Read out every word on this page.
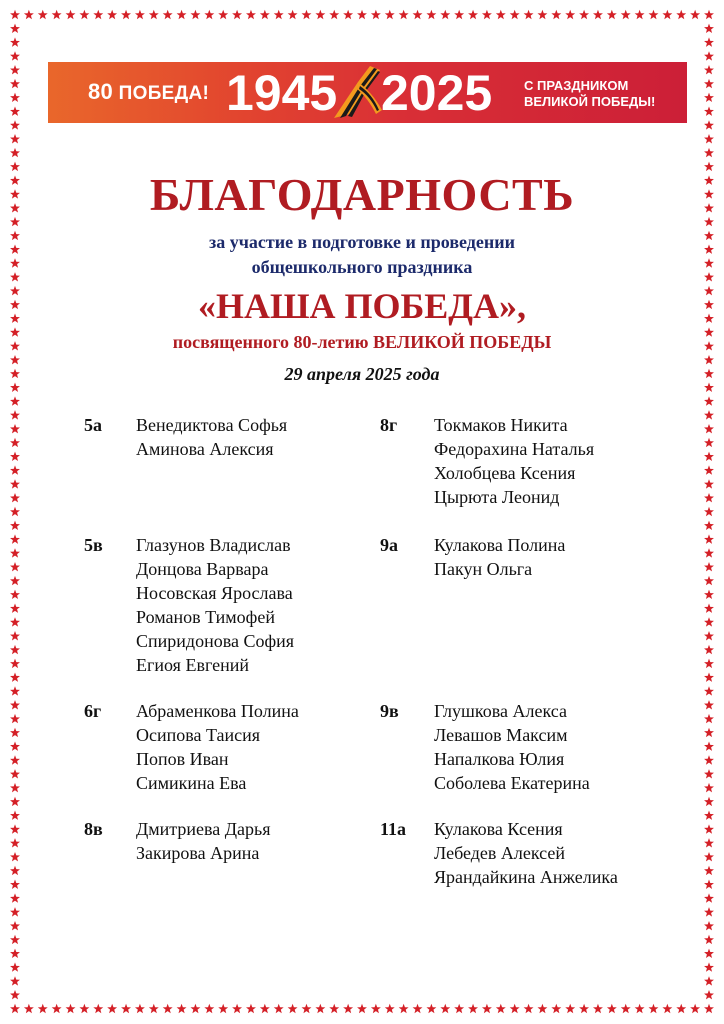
80 ПОБЕДА! 1945 2025 С ПРАЗДНИКОМ
ВЕЛИКОЙ ПОБЕДЫ!
БЛАГОДАРНОСТЬ
за участие в подготовке и проведении
общешкольного праздника
«НАША ПОБЕДА»,
посвященного 80-летию ВЕЛИКОЙ ПОБЕДЫ
29 апреля 2025 года
5а Венедиктова Софья
Аминова Алексия
5в Глазунов Владислав
Донцова Варвара
Носовская Ярослава
Романов Тимофей
Спиридонова София
Егиоя Евгений
6г Абраменкова Полина
Осипова Таисия
Попов Иван
Симикина Ева
8в Дмитриева Дарья
Закирова Арина
8г Токмаков Никита
Федорахина Наталья
Холобцева Ксения
Цырюта Леонид
9а Кулакова Полина
Пакун Ольга
9в Глушкова Алекса
Левашов Максим
Напалкова Юлия
Соболева Екатерина
11а Кулакова Ксения
Лебедев Алексей
Ярандайкина Анжелика
